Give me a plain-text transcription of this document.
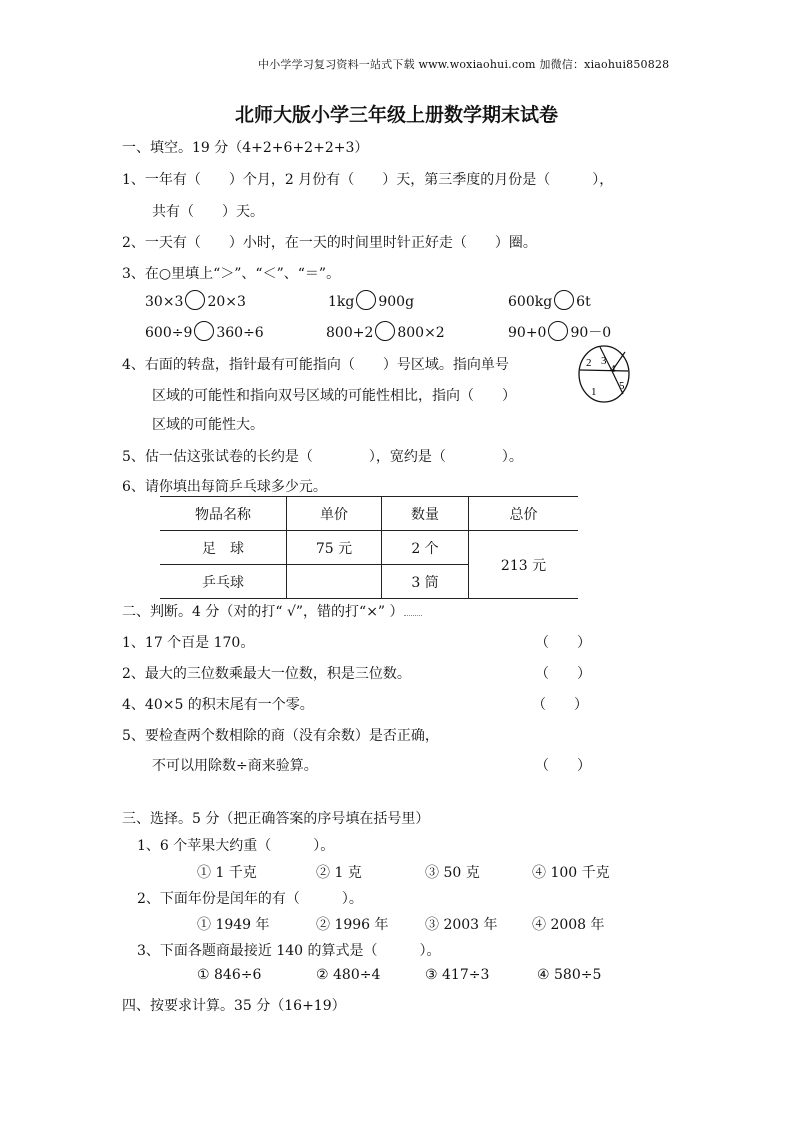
中小学学习复习资料一站式下载 www.woxiaohui.com 加微信：xiaohui850828
北师大版小学三年级上册数学期末试卷
一、填空。19 分（4+2+6+2+2+3）
1、一年有（　　）个月，2 月份有（　　）天，第三季度的月份是（　　　），
共有（　　）天。
2、一天有（　　）小时，在一天的时间里时针正好走（　　）圈。
3、在○里填上“＞”、“＜”、“＝”。
30×3 20×3	1kg 900g	600kg 6t
600÷9 360÷6	800+2 800×2	90+0 90－0
4、右面的转盘，指针最有可能指向（　　）号区域。指向单号
区域的可能性和指向双号区域的可能性相比，指向（　　）
区域的可能性大。
2 3
4
1 5
5、估一估这张试卷的长约是（　　　　），宽约是（　　　　）。
6、请你填出每筒乒乓球多少元。
物品名称	单价	数量	总价
足　球	75 元	2 个	213 元
乒乓球		3 筒	
二、判断。4 分（对的打“ √”，错的打“×” ）
1、17 个百是 170。	（　　）
2、最大的三位数乘最大一位数，积是三位数。	（　　）
4、40×5 的积末尾有一个零。	（　　）
5、要检查两个数相除的商（没有余数）是否正确，
不可以用除数÷商来验算。	（　　）
三、选择。5 分（把正确答案的序号填在括号里）
1、6 个苹果大约重（　　　）。
① 1 千克	② 1 克	③ 50 克	④ 100 千克
2、下面年份是闰年的有（　　　）。
① 1949 年	② 1996 年	③ 2003 年 ④ 2008 年
3、下面各题商最接近 140 的算式是（　　　）。
① 846÷6	② 480÷4	③ 417÷3	④ 580÷5
四、按要求计算。35 分（16+19）
